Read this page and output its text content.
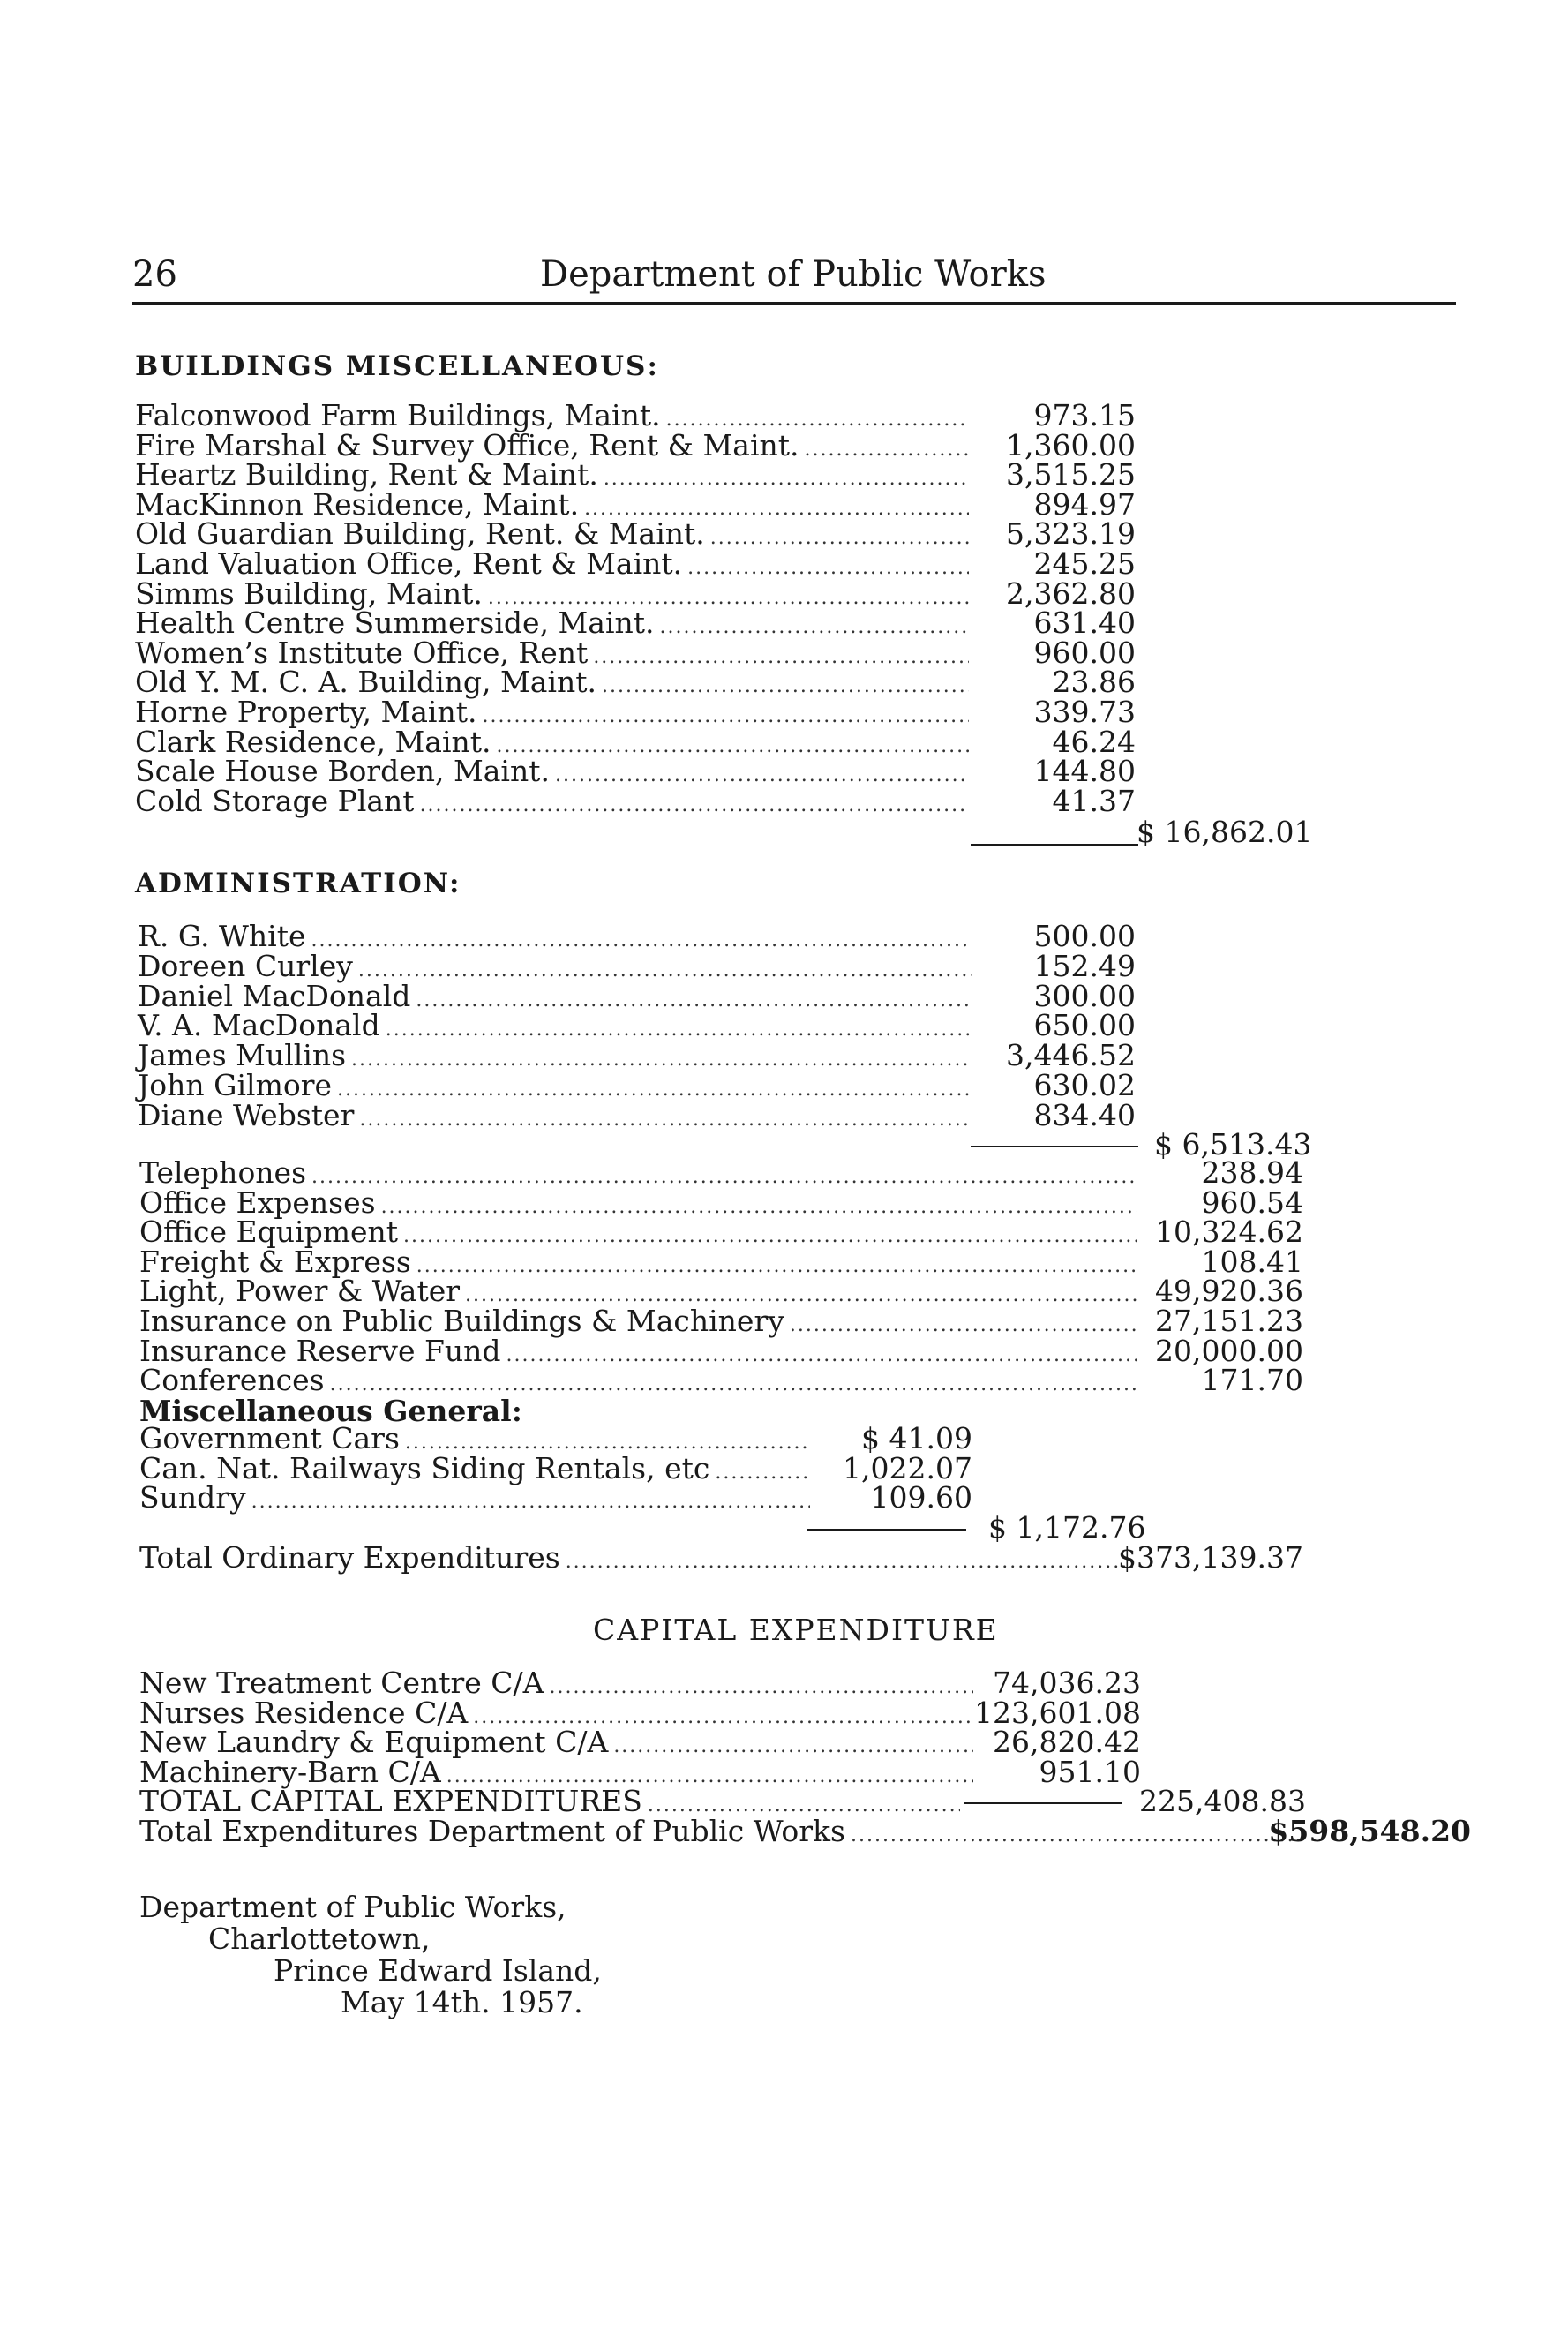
26	Department of Public Works
BUILDINGS MISCELLANEOUS:
Falconwood Farm Buildings, Maint. .....	973.15
Fire Marshal & Survey Office, Rent & Maint. .....	1,360.00
Heartz Building, Rent & Maint. .....	3,515.25
MacKinnon Residence, Maint. .....	894.97
Old Guardian Building, Rent. & Maint. .....	5,323.19
Land Valuation Office, Rent & Maint. .....	245.25
Simms Building, Maint. .....	2,362.80
Health Centre Summerside, Maint. .....	631.40
Women’s Institute Office, Rent .....	960.00
Old Y. M. C. A. Building, Maint. .....	23.86
Horne Property, Maint. .....	339.73
Clark Residence, Maint. .....	46.24
Scale House Borden, Maint. .....	144.80
Cold Storage Plant .....	41.37
$ 16,862.01
ADMINISTRATION:
R. G. White .....	500.00
Doreen Curley .....	152.49
Daniel MacDonald .....	300.00
V. A. MacDonald .....	650.00
James Mullins .....	3,446.52
John Gilmore .....	630.02
Diane Webster .....	834.40
$ 6,513.43
Telephones .....	238.94
Office Expenses .....	960.54
Office Equipment .....	10,324.62
Freight & Express .....	108.41
Light, Power & Water .....	49,920.36
Insurance on Public Buildings & Machinery .....	27,151.23
Insurance Reserve Fund .....	20,000.00
Conferences .....	171.70
Miscellaneous General:
Government Cars .....	$ 41.09
Can. Nat. Railways Siding Rentals, etc .....	1,022.07
Sundry .....	109.60
$ 1,172.76
Total Ordinary Expenditures .....	$373,139.37
CAPITAL EXPENDITURE
New Treatment Centre C/A .....	74,036.23
Nurses Residence C/A .....	123,601.08
New Laundry & Equipment C/A .....	26,820.42
Machinery-Barn C/A .....	951.10
TOTAL CAPITAL EXPENDITURES .....	225,408.83
Total Expenditures Department of Public Works .....	$598,548.20
Department of Public Works,
Charlottetown,
Prince Edward Island,
May 14th. 1957.
